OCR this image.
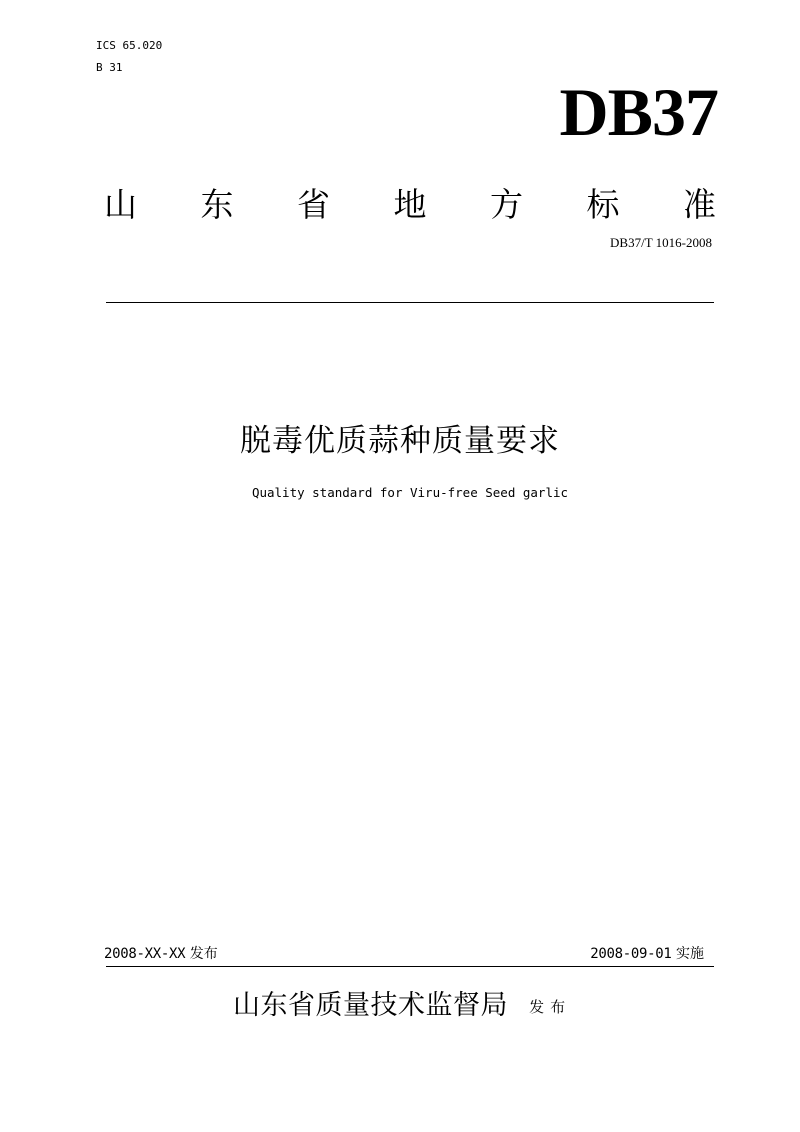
ICS 65.020
B 31
DB37
山 东 省 地 方 标 准
DB37/T 1016-2008
脱毒优质蒜种质量要求
Quality standard for Viru-free Seed garlic
2008-XX-XX 发布	2008-09-01 实施
山东省质量技术监督局 发布
